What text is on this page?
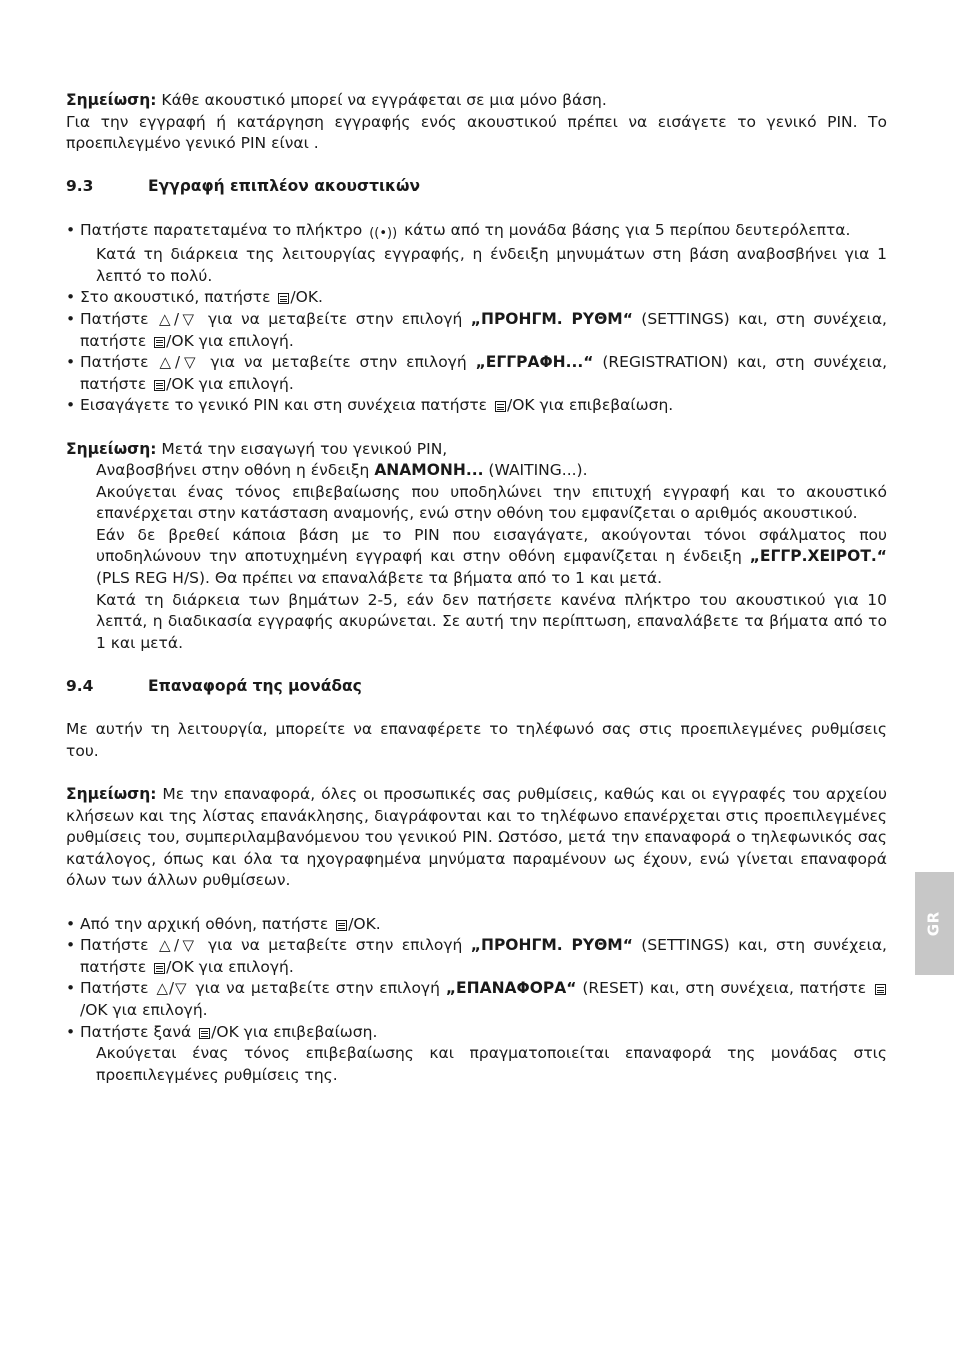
Σημείωση: Κάθε ακουστικό μπορεί να εγγράφεται σε μια μόνο βάση.

Για την εγγραφή ή κατάργηση εγγραφής ενός ακουστικού πρέπει να εισάγετε το γενικό PIN. Το προεπιλεγμένο γενικό PIN είναι .

9.3	Εγγραφή επιπλέον ακουστικών
• Πατήστε παρατεταμένα το πλήκτρο ((•)) κάτω από τη μονάδα βάσης για 5 περίπου δευτερόλεπτα.
Κατά τη διάρκεια της λειτουργίας εγγραφής, η ένδειξη μηνυμάτων στη βάση αναβοσβήνει για 1 λεπτό το πολύ.
• Στο ακουστικό, πατήστε /OK.
• Πατήστε △/▽ για να μεταβείτε στην επιλογή „ΠΡΟΗΓΜ. ΡΥΘΜ“ (SETTINGS) και, στη συνέχεια, πατήστε /OK για επιλογή.
• Πατήστε △/▽ για να μεταβείτε στην επιλογή „ΕΓΓΡΑΦΗ...“ (REGISTRATION) και, στη συνέχεια, πατήστε /OK για επιλογή.
• Εισαγάγετε το γενικό PIN και στη συνέχεια πατήστε /OK για επιβεβαίωση.

Σημείωση: Μετά την εισαγωγή του γενικού PIN,

Αναβοσβήνει στην οθόνη η ένδειξη ΑΝΑΜΟΝΗ... (WAITING...).
Ακούγεται ένας τόνος επιβεβαίωσης που υποδηλώνει την επιτυχή εγγραφή και το ακουστικό επανέρχεται στην κατάσταση αναμονής, ενώ στην οθόνη του εμφανίζεται ο αριθμός ακουστικού.
Εάν δε βρεθεί κάποια βάση με το PIN που εισαγάγατε, ακούγονται τόνοι σφάλματος που υποδηλώνουν την αποτυχημένη εγγραφή και στην οθόνη εμφανίζεται η ένδειξη „ΕΓΓΡ.ΧΕΙΡΟΤ.“ (PLS REG H/S). Θα πρέπει να επαναλάβετε τα βήματα από το 1 και μετά.
Κατά τη διάρκεια των βημάτων 2-5, εάν δεν πατήσετε κανένα πλήκτρο του ακουστικού για 10 λεπτά, η διαδικασία εγγραφής ακυρώνεται. Σε αυτή την περίπτωση, επαναλάβετε τα βήματα από το 1 και μετά.
9.4	Επαναφορά της μονάδας

Με αυτήν τη λειτουργία, μπορείτε να επαναφέρετε το τηλέφωνό σας στις προεπιλεγμένες ρυθμίσεις του.

Σημείωση: Με την επαναφορά, όλες οι προσωπικές σας ρυθμίσεις, καθώς και οι εγγραφές του αρχείου κλήσεων και της λίστας επανάκλησης, διαγράφονται και το τηλέφωνο επανέρχεται στις προεπιλεγμένες ρυθμίσεις του, συμπεριλαμβανόμενου του γενικού PIN. Ωστόσο, μετά την επαναφορά ο τηλεφωνικός σας κατάλογος, όπως και όλα τα ηχογραφημένα μηνύματα παραμένουν ως έχουν, ενώ γίνεται επαναφορά όλων των άλλων ρυθμίσεων.

• Από την αρχική οθόνη, πατήστε /OK.
• Πατήστε △/▽ για να μεταβείτε στην επιλογή „ΠΡΟΗΓΜ. ΡΥΘΜ“ (SETTINGS) και, στη συνέχεια, πατήστε /OK για επιλογή.
• Πατήστε △/▽ για να μεταβείτε στην επιλογή „ΕΠΑΝΑΦΟΡΑ“ (RESET) και, στη συνέχεια, πατήστε /OK για επιλογή.
• Πατήστε ξανά /OK για επιβεβαίωση.
Ακούγεται ένας τόνος επιβεβαίωσης και πραγματοποιείται επαναφορά της μονάδας στις προεπιλεγμένες ρυθμίσεις της.
GR
